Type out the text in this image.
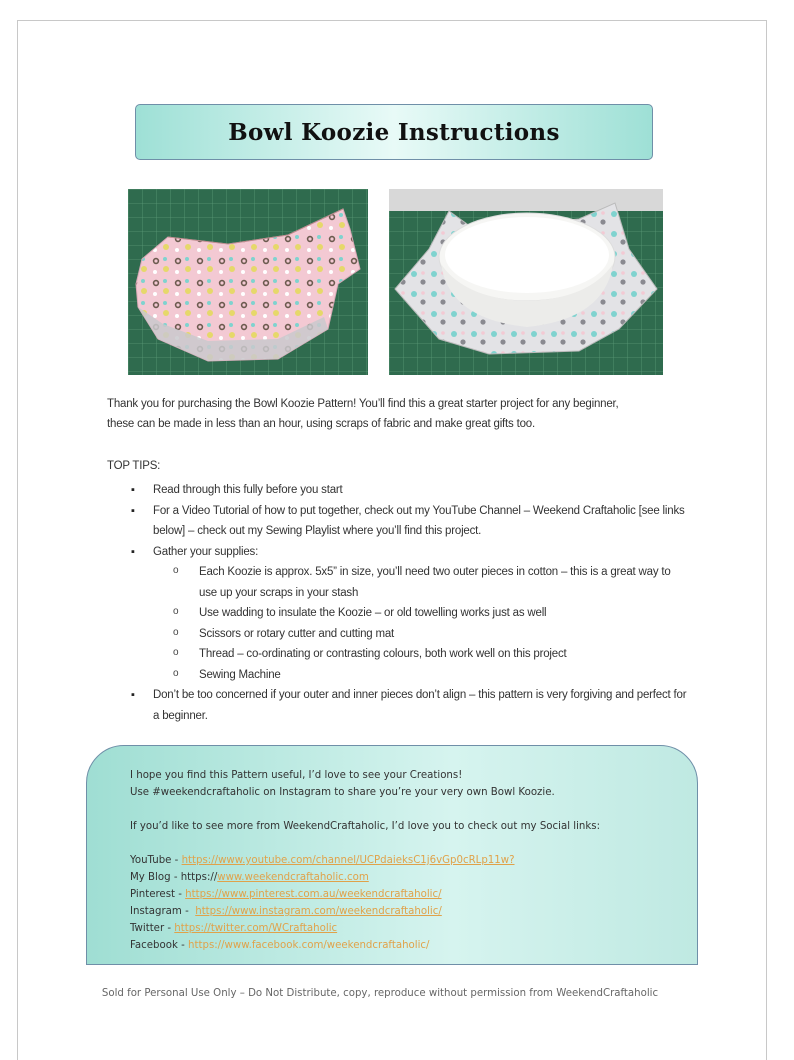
Bowl Koozie Instructions
Thank you for purchasing the Bowl Koozie Pattern! You’ll find this a great starter project for any beginner,
these can be made in less than an hour, using scraps of fabric and make great gifts too.
TOP TIPS:
▪ Read through this fully before you start
▪ For a Video Tutorial of how to put together, check out my YouTube Channel – Weekend Craftaholic [see links below] – check out my Sewing Playlist where you’ll find this project.
▪ Gather your supplies:
o Each Koozie is approx. 5x5” in size, you’ll need two outer pieces in cotton – this is a great way to use up your scraps in your stash
o Use wadding to insulate the Koozie – or old towelling works just as well
o Scissors or rotary cutter and cutting mat
o Thread – co-ordinating or contrasting colours, both work well on this project
o Sewing Machine
▪ Don’t be too concerned if your outer and inner pieces don’t align – this pattern is very forgiving and perfect for a beginner.

I hope you find this Pattern useful, I’d love to see your Creations!

Use #weekendcraftaholic on Instagram to share you’re your very own Bowl Koozie.

If you’d like to see more from WeekendCraftaholic, I’d love you to check out my Social links:

YouTube - https://www.youtube.com/channel/UCPdaieksC1j6vGp0cRLp11w?

My Blog - https://www.weekendcraftaholic.com

Pinterest - https://www.pinterest.com.au/weekendcraftaholic/

Instagram -  https://www.instagram.com/weekendcraftaholic/

Twitter - https://twitter.com/WCraftaholic

Facebook - https://www.facebook.com/weekendcraftaholic/

Sold for Personal Use Only – Do Not Distribute, copy, reproduce without permission from WeekendCraftaholic
